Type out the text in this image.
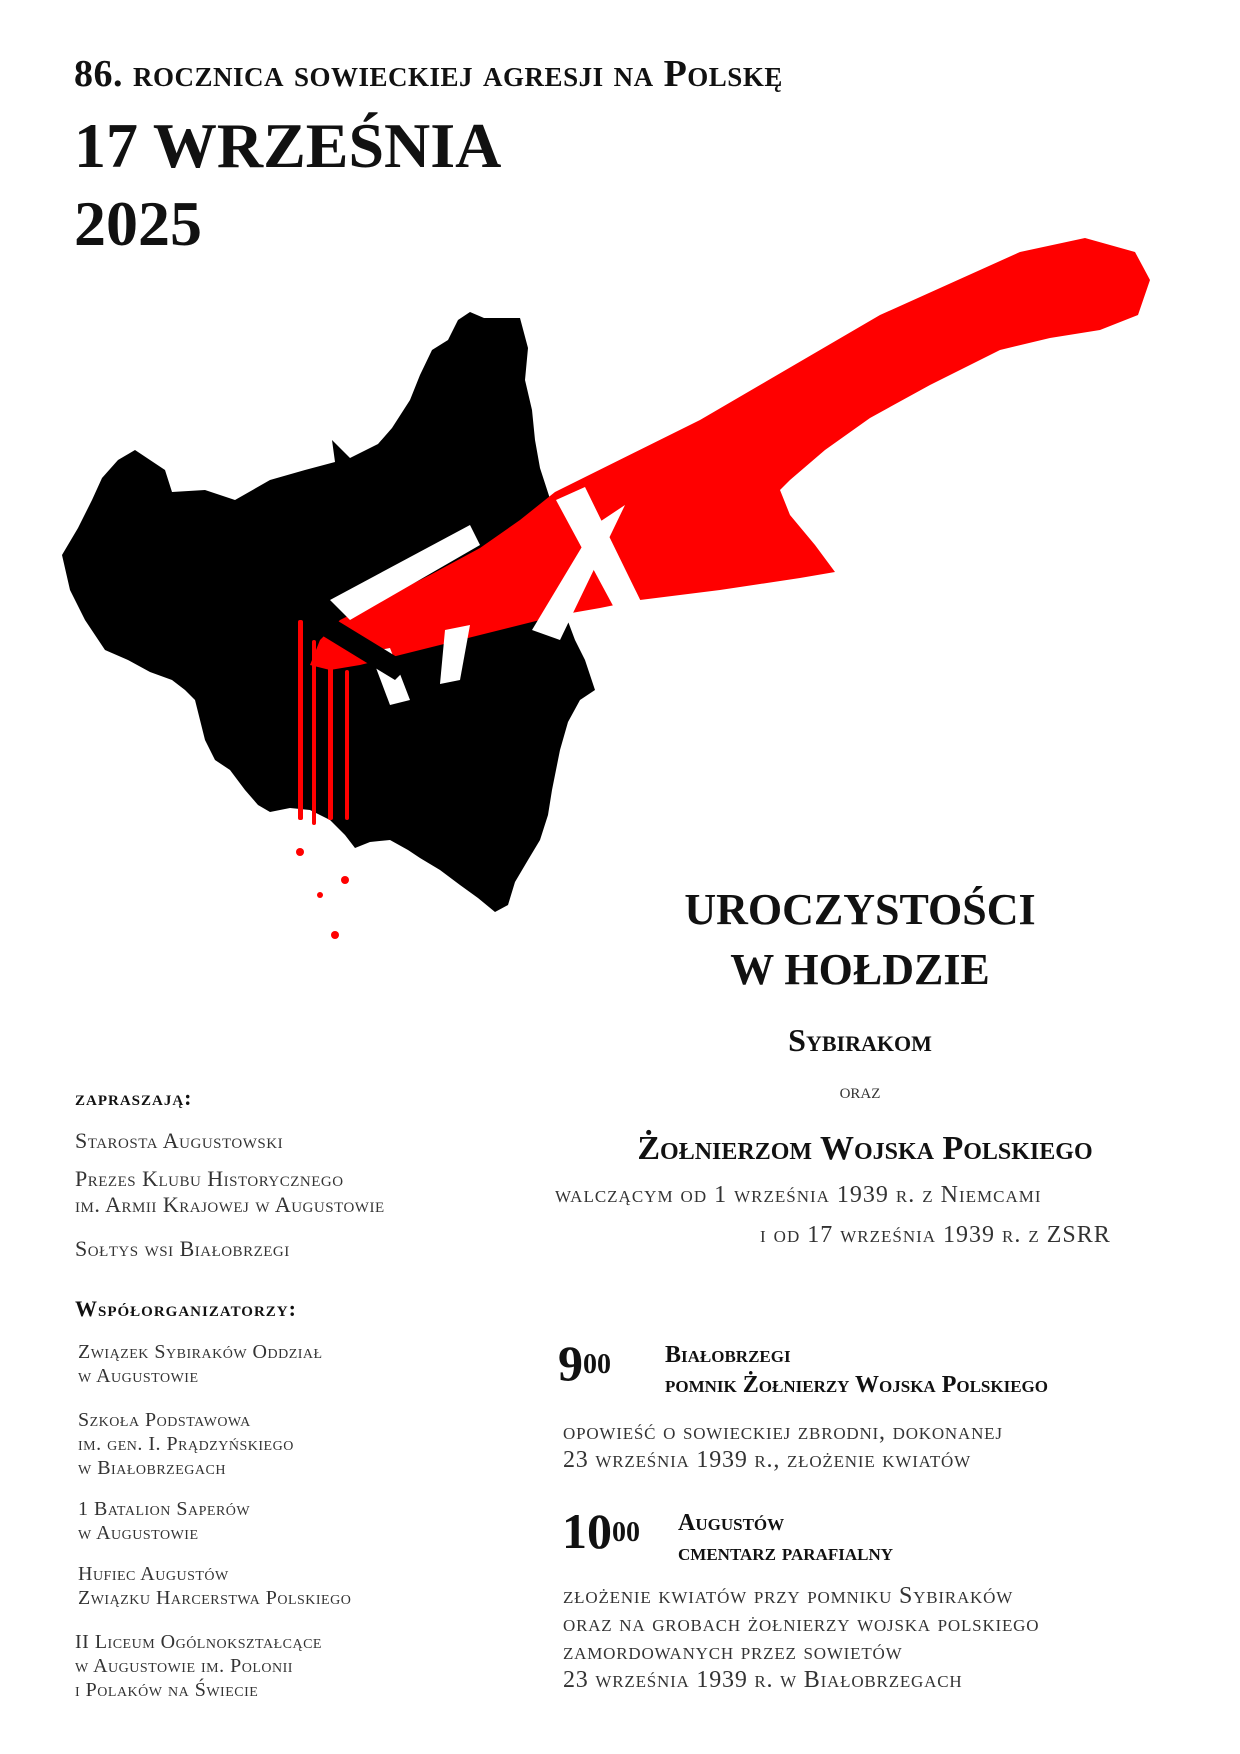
86. rocznica sowieckiej agresji na Polskę
17 WRZEŚNIA
2025
UROCZYSTOŚCI
W HOŁDZIE
Sybirakom
oraz
Żołnierzom Wojska Polskiego
walczącym od 1 września 1939 r. z Niemcami
i od 17 września 1939 r. z ZSRR
$9^{00}$ Białobrzegi
pomnik Żołnierzy Wojska Polskiego
opowieść o sowieckiej zbrodni, dokonanej
23 września 1939 r., złożenie kwiatów
$10^{00}$ Augustów
cmentarz parafialny
złożenie kwiatów przy pomniku Sybiraków
oraz na grobach żołnierzy wojska polskiego
zamordowanych przez sowietów
23 września 1939 r. w Białobrzegach
zapraszają:
Starosta Augustowski
Prezes Klubu Historycznego
im. Armii Krajowej w Augustowie
Sołtys wsi Białobrzegi
Współorganizatorzy:
Związek Sybiraków Oddział
w Augustowie
Szkoła Podstawowa
im. gen. I. Prądzyńskiego
w Białobrzegach
1 Batalion Saperów
w Augustowie
Hufiec Augustów
Związku Harcerstwa Polskiego
II Liceum Ogólnokształcące
w Augustowie im. Polonii
i Polaków na Świecie
